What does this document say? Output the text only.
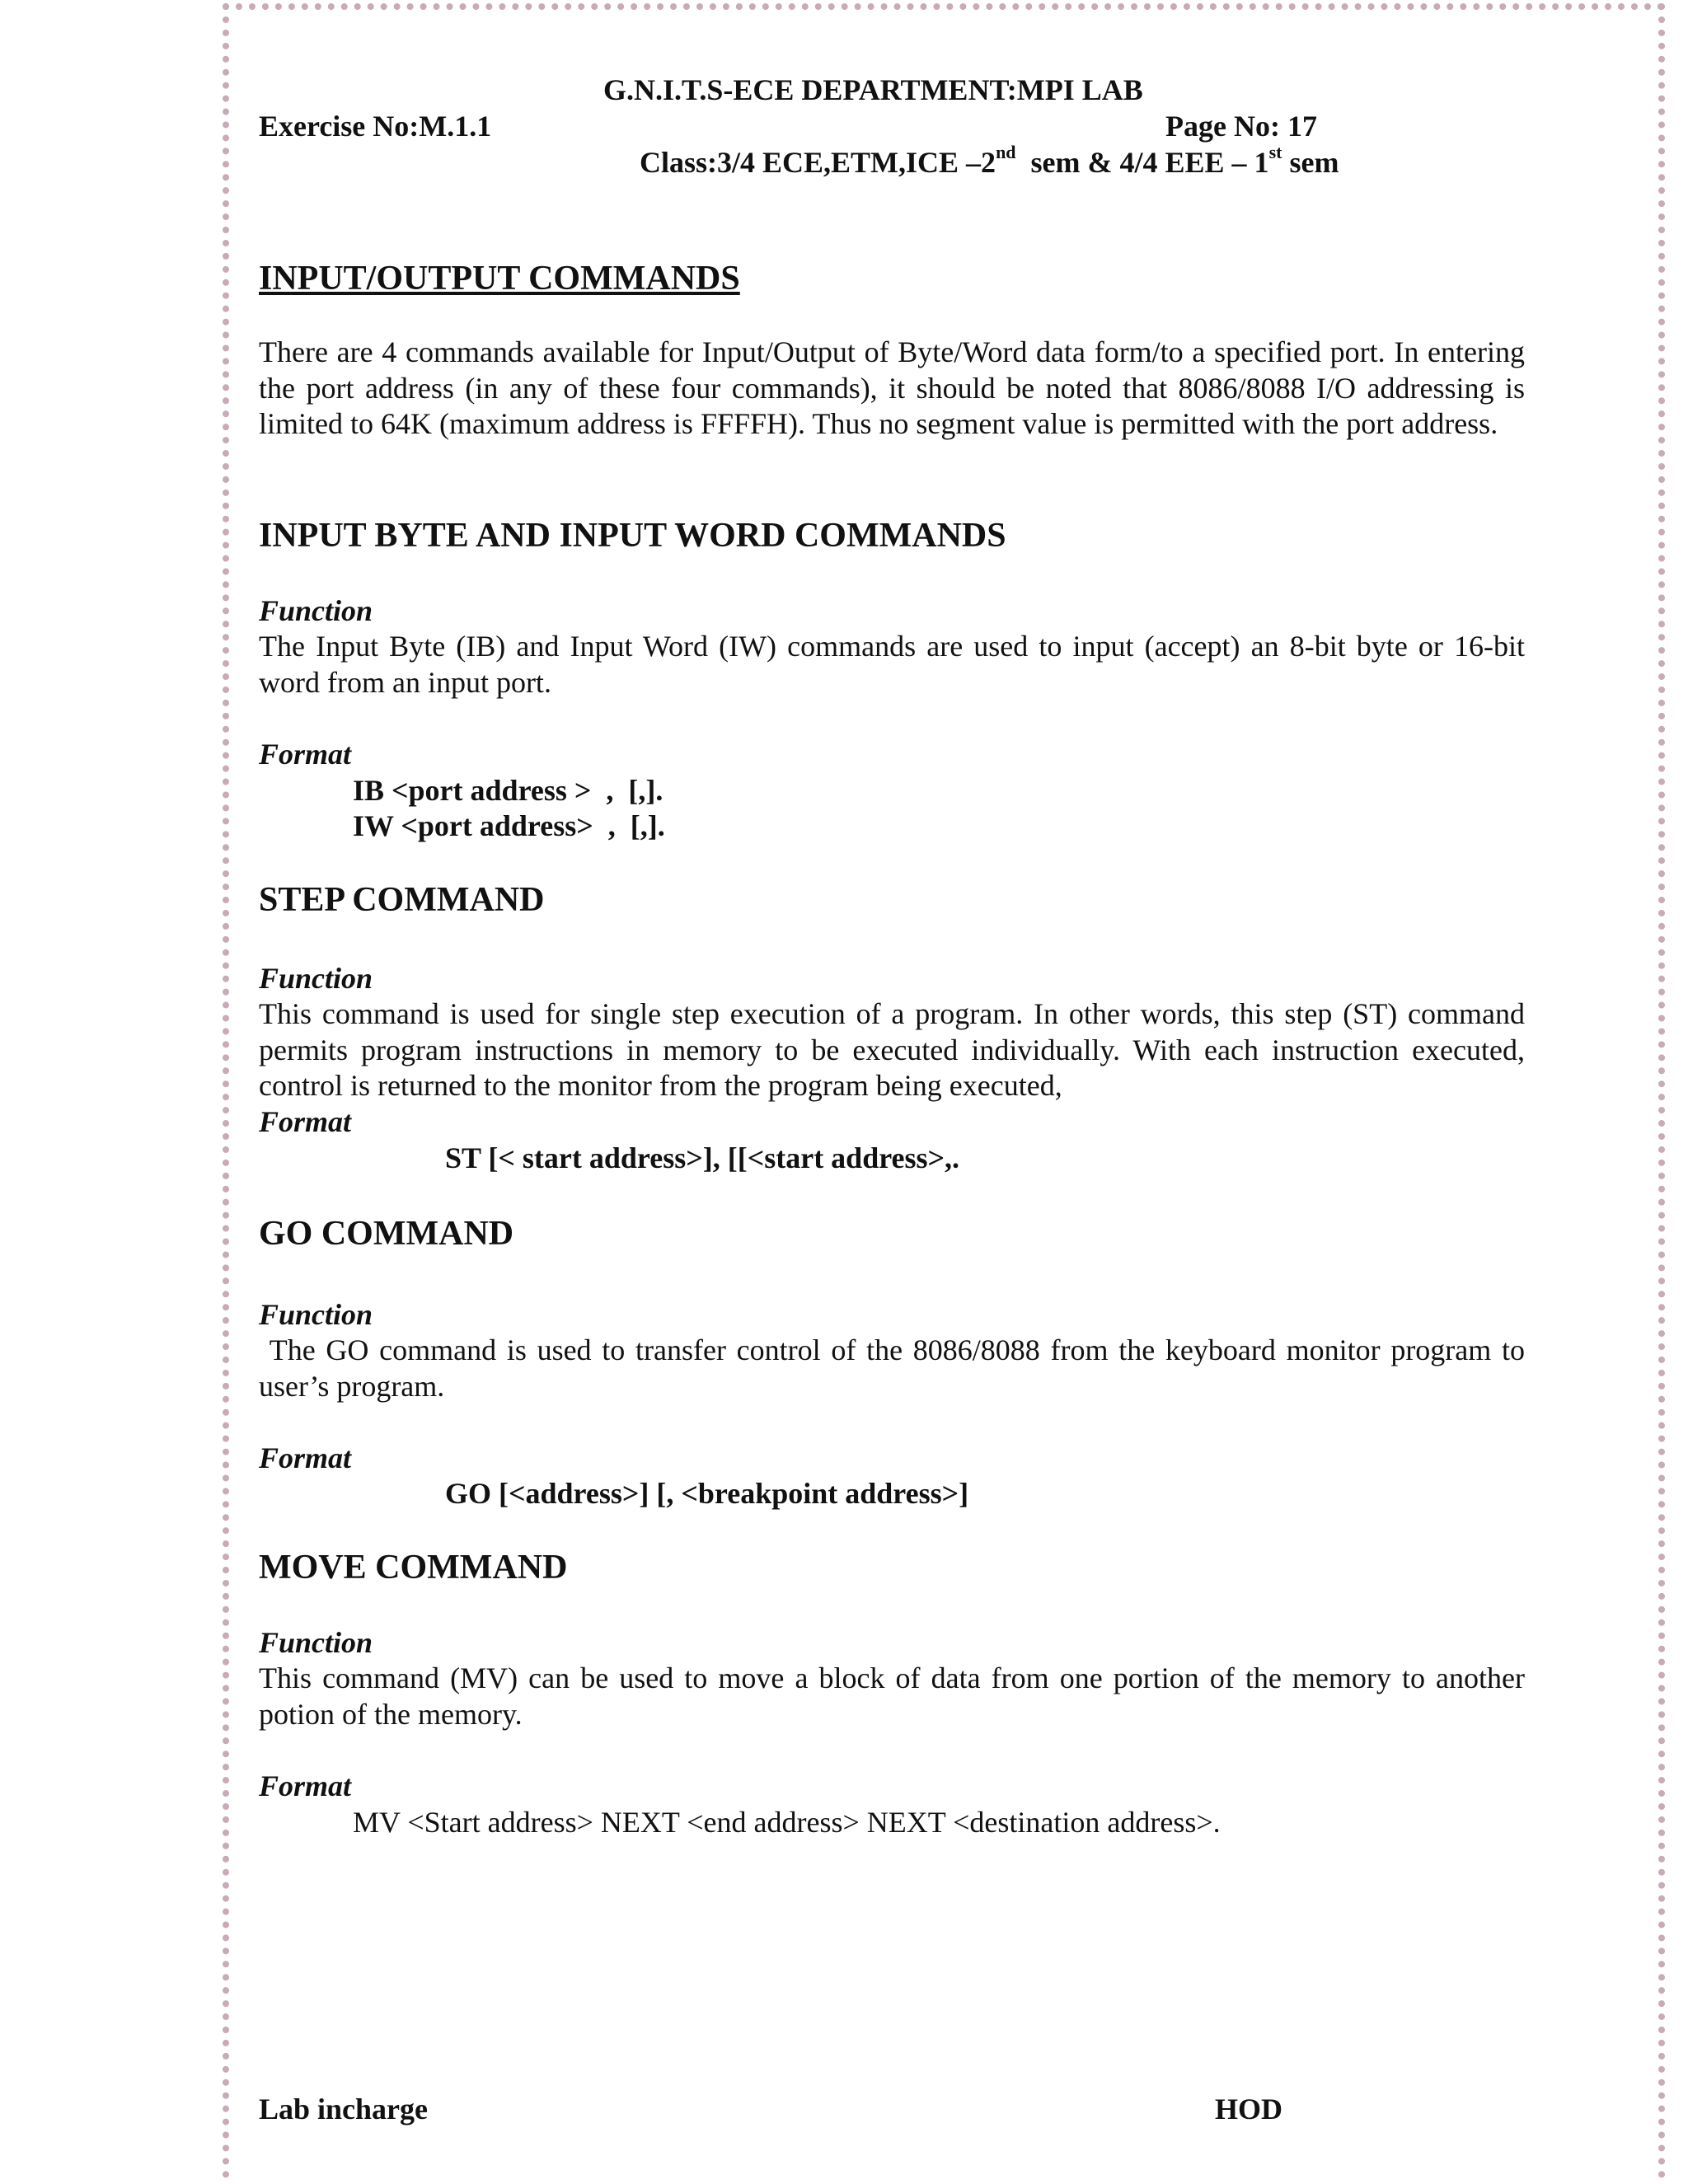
G.N.I.T.S-ECE DEPARTMENT:MPI LAB
Exercise No:M.1.1	Page No: 17
Class:3/4 ECE,ETM,ICE –2nd  sem & 4/4 EEE – 1st sem
INPUT/OUTPUT COMMANDS
There are 4 commands available for Input/Output of Byte/Word data form/to a specified port. In entering the port address (in any of these four commands), it should be noted that 8086/8088 I/O addressing is limited to 64K (maximum address is FFFFH). Thus no segment value is permitted with the port address.
INPUT BYTE AND INPUT WORD COMMANDS
Function
The Input Byte (IB) and Input Word (IW) commands are used to input (accept) an 8-bit byte or 16-bit word from an input port.
Format
IB <port address >  ,  [,].
IW <port address>  ,  [,].
STEP COMMAND
Function
This command is used for single step execution of a program. In other words, this step (ST) command permits program instructions in memory to be executed individually. With each instruction executed, control is returned to the monitor from the program being executed,
Format
ST [< start address>], [[<start address>,.
GO COMMAND
Function
The GO command is used to transfer control of the 8086/8088 from the keyboard monitor program to user’s program.
Format
GO [<address>] [, <breakpoint address>]
MOVE COMMAND
Function
This command (MV) can be used to move a block of data from one portion of the memory to another potion of the memory.
Format
MV <Start address> NEXT <end address> NEXT <destination address>.
Lab incharge	HOD
